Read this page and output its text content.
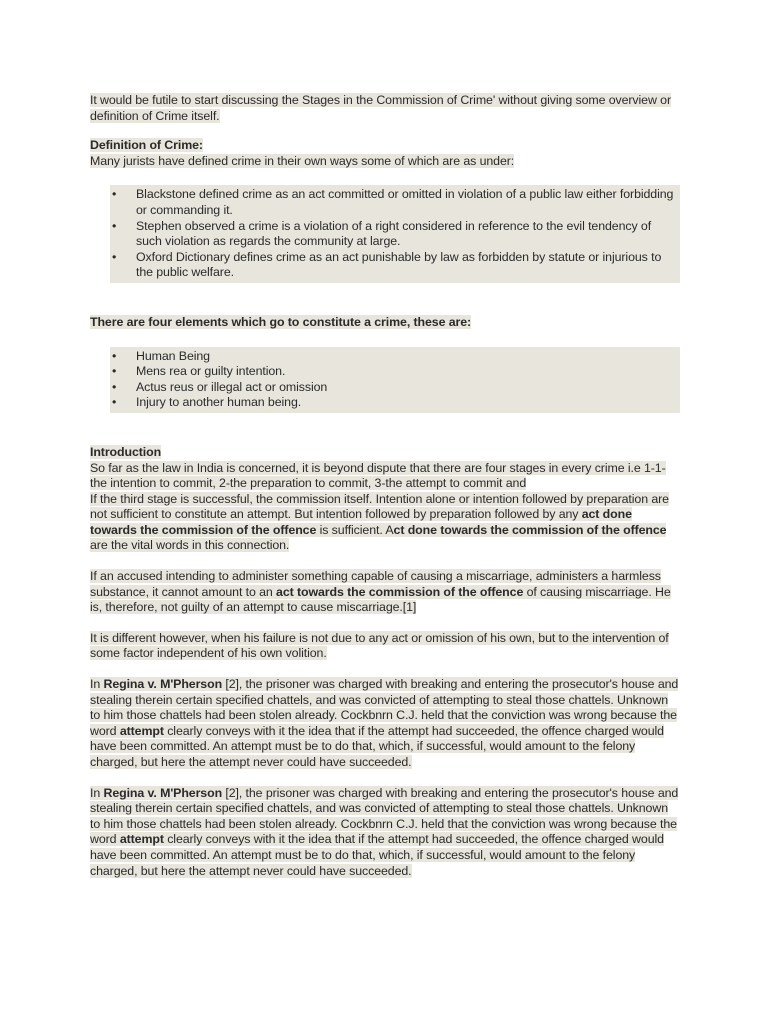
It would be futile to start discussing the Stages in the Commission of Crime' without giving some overview or definition of Crime itself.

Definition of Crime:

Many jurists have defined crime in their own ways some of which are as under:

• Blackstone defined crime as an act committed or omitted in violation of a public law either forbidding or commanding it.
• Stephen observed a crime is a violation of a right considered in reference to the evil tendency of such violation as regards the community at large.
• Oxford Dictionary defines crime as an act punishable by law as forbidden by statute or injurious to the public welfare.

There are four elements which go to constitute a crime, these are:

• Human Being
• Mens rea or guilty intention.
• Actus reus or illegal act or omission
• Injury to another human being.

Introduction

So far as the law in India is concerned, it is beyond dispute that there are four stages in every crime i.e 1-1-the intention to commit, 2-the preparation to commit, 3-the attempt to commit and
If the third stage is successful, the commission itself. Intention alone or intention followed by preparation are not sufficient to constitute an attempt. But intention followed by preparation followed by any act done towards the commission of the offence is sufficient. Act done towards the commission of the offence are the vital words in this connection.

If an accused intending to administer something capable of causing a miscarriage, administers a harmless substance, it cannot amount to an act towards the commission of the offence of causing miscarriage. He is, therefore, not guilty of an attempt to cause miscarriage.[1]

It is different however, when his failure is not due to any act or omission of his own, but to the intervention of some factor independent of his own volition.

In Regina v. M'Pherson [2], the prisoner was charged with breaking and entering the prosecutor's house and stealing therein certain specified chattels, and was convicted of attempting to steal those chattels. Unknown to him those chattels had been stolen already. Cockbnrn C.J. held that the conviction was wrong because the word attempt clearly conveys with it the idea that if the attempt had succeeded, the offence charged would have been committed. An attempt must be to do that, which, if successful, would amount to the felony charged, but here the attempt never could have succeeded.

In Regina v. M'Pherson [2], the prisoner was charged with breaking and entering the prosecutor's house and stealing therein certain specified chattels, and was convicted of attempting to steal those chattels. Unknown to him those chattels had been stolen already. Cockbnrn C.J. held that the conviction was wrong because the word attempt clearly conveys with it the idea that if the attempt had succeeded, the offence charged would have been committed. An attempt must be to do that, which, if successful, would amount to the felony charged, but here the attempt never could have succeeded.
